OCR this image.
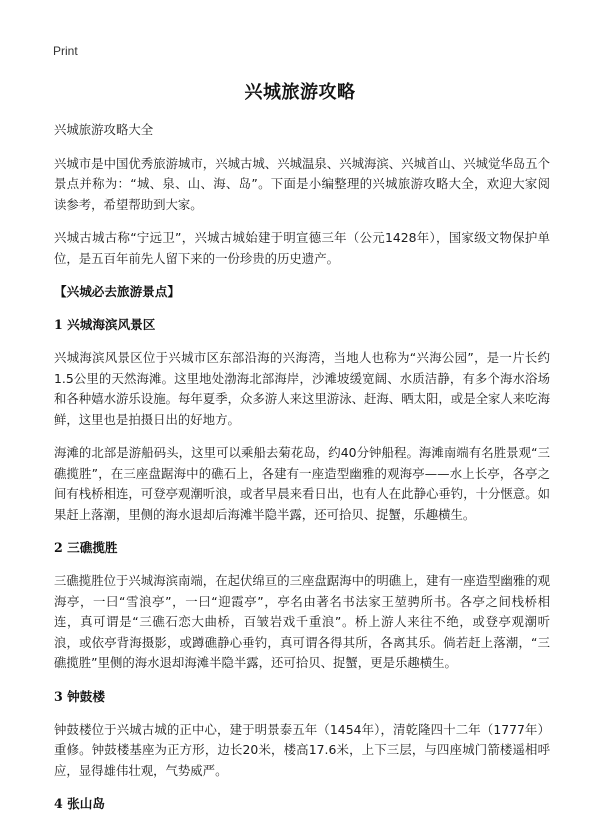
Print
兴城旅游攻略

兴城旅游攻略大全

兴城市是中国优秀旅游城市，兴城古城、兴城温泉、兴城海滨、兴城首山、兴城觉华岛五个景点并称为：“城、泉、山、海、岛”。下面是小编整理的兴城旅游攻略大全，欢迎大家阅读参考，希望帮助到大家。

兴城古城古称“宁远卫”，兴城古城始建于明宣德三年（公元1428年），国家级文物保护单位，是五百年前先人留下来的一份珍贵的历史遗产。

【兴城必去旅游景点】
1 兴城海滨风景区

兴城海滨风景区位于兴城市区东部沿海的兴海湾，当地人也称为“兴海公园”，是一片长约1.5公里的天然海滩。这里地处渤海北部海岸，沙滩坡缓宽阔、水质洁静，有多个海水浴场和各种嬉水游乐设施。每年夏季，众多游人来这里游泳、赶海、晒太阳，或是全家人来吃海鲜，这里也是拍摄日出的好地方。

海滩的北部是游船码头，这里可以乘船去菊花岛，约40分钟船程。海滩南端有名胜景观“三礁揽胜”，在三座盘踞海中的礁石上，各建有一座造型幽雅的观海亭——水上长亭，各亭之间有栈桥相连，可登亭观潮听浪，或者早晨来看日出，也有人在此静心垂钓，十分惬意。如果赶上落潮，里侧的海水退却后海滩半隐半露，还可拾贝、捉蟹，乐趣横生。

2 三礁揽胜

三礁揽胜位于兴城海滨南端，在起伏绵亘的三座盘踞海中的明礁上，建有一座造型幽雅的观海亭，一曰“雪浪亭”，一曰“迎霞亭”，亭名由著名书法家王堃骋所书。各亭之间栈桥相连，真可谓是“三礁石恋大曲桥，百皱岩戏千重浪”。桥上游人来往不绝，或登亭观潮听浪，或依亭背海摄影，或蹲礁静心垂钓，真可谓各得其所，各离其乐。倘若赶上落潮，“三礁揽胜”里侧的海水退却海滩半隐半露，还可拾贝、捉蟹，更是乐趣横生。

3 钟鼓楼

钟鼓楼位于兴城古城的正中心，建于明景泰五年（1454年），清乾隆四十二年（1777年）重修。钟鼓楼基座为正方形，边长20米，楼高17.6米，上下三层，与四座城门箭楼遥相呼应，显得雄伟壮观，气势威严。

4 张山岛
